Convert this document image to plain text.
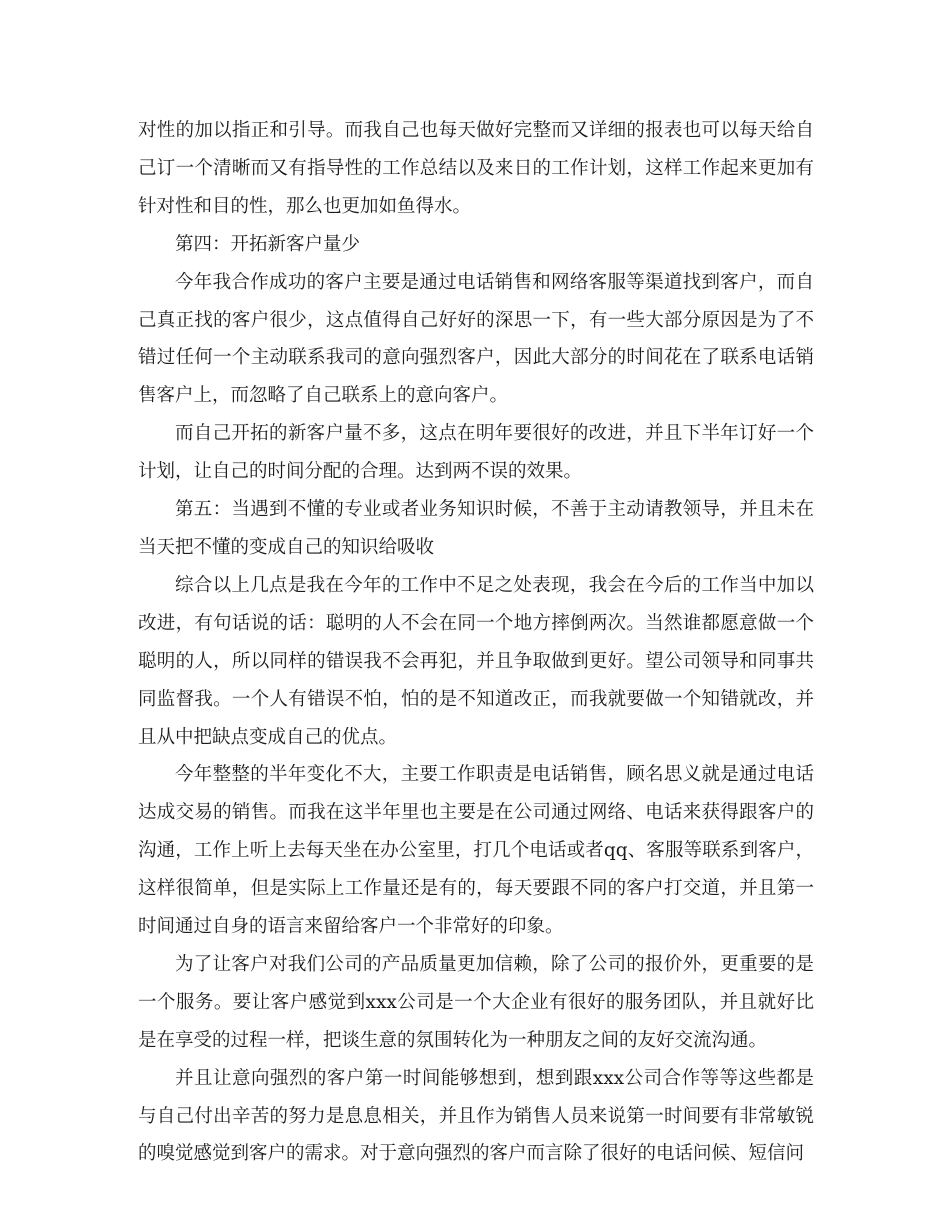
对性的加以指正和引导。而我自己也每天做好完整而又详细的报表也可以每天给自己订一个清晰而又有指导性的工作总结以及来日的工作计划，这样工作起来更加有针对性和目的性，那么也更加如鱼得水。

第四：开拓新客户量少

今年我合作成功的客户主要是通过电话销售和网络客服等渠道找到客户，而自己真正找的客户很少，这点值得自己好好的深思一下，有一些大部分原因是为了不错过任何一个主动联系我司的意向强烈客户，因此大部分的时间花在了联系电话销售客户上，而忽略了自己联系上的意向客户。

而自己开拓的新客户量不多，这点在明年要很好的改进，并且下半年订好一个计划，让自己的时间分配的合理。达到两不误的效果。

第五：当遇到不懂的专业或者业务知识时候，不善于主动请教领导，并且未在当天把不懂的变成自己的知识给吸收

综合以上几点是我在今年的工作中不足之处表现，我会在今后的工作当中加以改进，有句话说的话：聪明的人不会在同一个地方摔倒两次。当然谁都愿意做一个聪明的人，所以同样的错误我不会再犯，并且争取做到更好。望公司领导和同事共同监督我。一个人有错误不怕，怕的是不知道改正，而我就要做一个知错就改，并且从中把缺点变成自己的优点。

今年整整的半年变化不大，主要工作职责是电话销售，顾名思义就是通过电话达成交易的销售。而我在这半年里也主要是在公司通过网络、电话来获得跟客户的沟通，工作上听上去每天坐在办公室里，打几个电话或者qq、客服等联系到客户，这样很简单，但是实际上工作量还是有的，每天要跟不同的客户打交道，并且第一时间通过自身的语言来留给客户一个非常好的印象。

为了让客户对我们公司的产品质量更加信赖，除了公司的报价外，更重要的是一个服务。要让客户感觉到xxx公司是一个大企业有很好的服务团队，并且就好比是在享受的过程一样，把谈生意的氛围转化为一种朋友之间的友好交流沟通。

并且让意向强烈的客户第一时间能够想到，想到跟xxx公司合作等等这些都是与自己付出辛苦的努力是息息相关，并且作为销售人员来说第一时间要有非常敏锐的嗅觉感觉到客户的需求。对于意向强烈的客户而言除了很好的电话问候、短信问
